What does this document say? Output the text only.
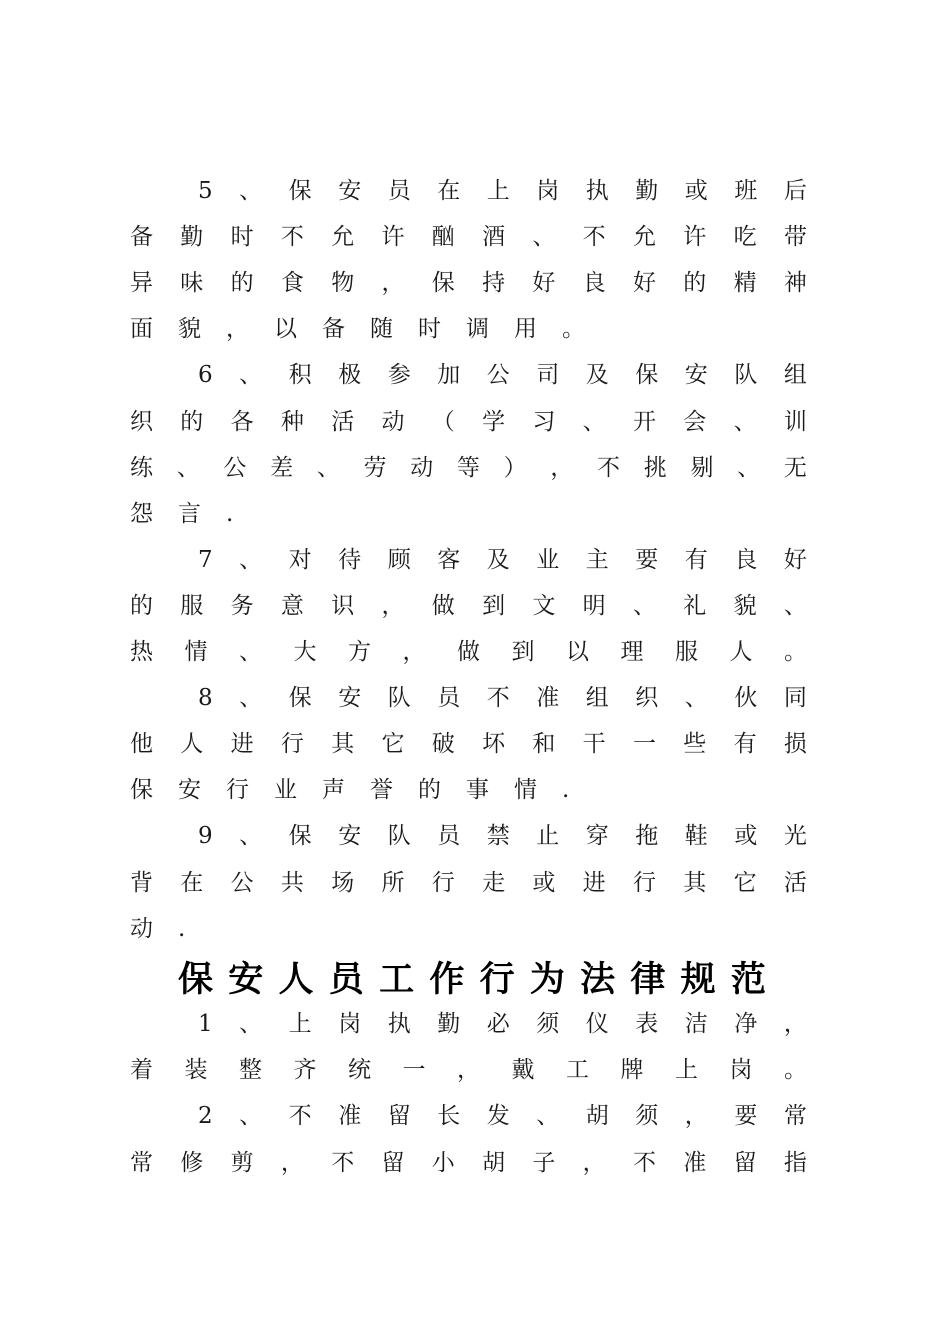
5 、 保 安 员 在 上 岗 执 勤 或 班 后
备 勤 时 不 允 许 酗 酒 、 不 允 许 吃 带
异 味 的 食 物 ， 保 持 好 良 好 的 精 神
面 貌 ， 以 备 随 时 调 用 。
6 、 积 极 参 加 公 司 及 保 安 队 组
织 的 各 种 活 动 （ 学 习 、 开 会 、 训
练 、 公 差 、 劳 动 等 ） ， 不 挑 剔 、 无
怨 言 .
7 、 对 待 顾 客 及 业 主 要 有 良 好
的 服 务 意 识 ， 做 到 文 明 、 礼 貌 、
热 情 、 大 方 ， 做 到 以 理 服 人 。
8 、 保 安 队 员 不 准 组 织 、 伙 同
他 人 进 行 其 它 破 坏 和 干 一 些 有 损
保 安 行 业 声 誉 的 事 情 .
9 、 保 安 队 员 禁 止 穿 拖 鞋 或 光
背 在 公 共 场 所 行 走 或 进 行 其 它 活
动 .
保 安 人 员 工 作 行 为 法 律 规 范
1 、 上 岗 执 勤 必 须 仪 表 洁 净 ，
着 装 整 齐 统 一 ， 戴 工 牌 上 岗 。
2 、 不 准 留 长 发 、 胡 须 ， 要 常
常 修 剪 ， 不 留 小 胡 子 ， 不 准 留 指
